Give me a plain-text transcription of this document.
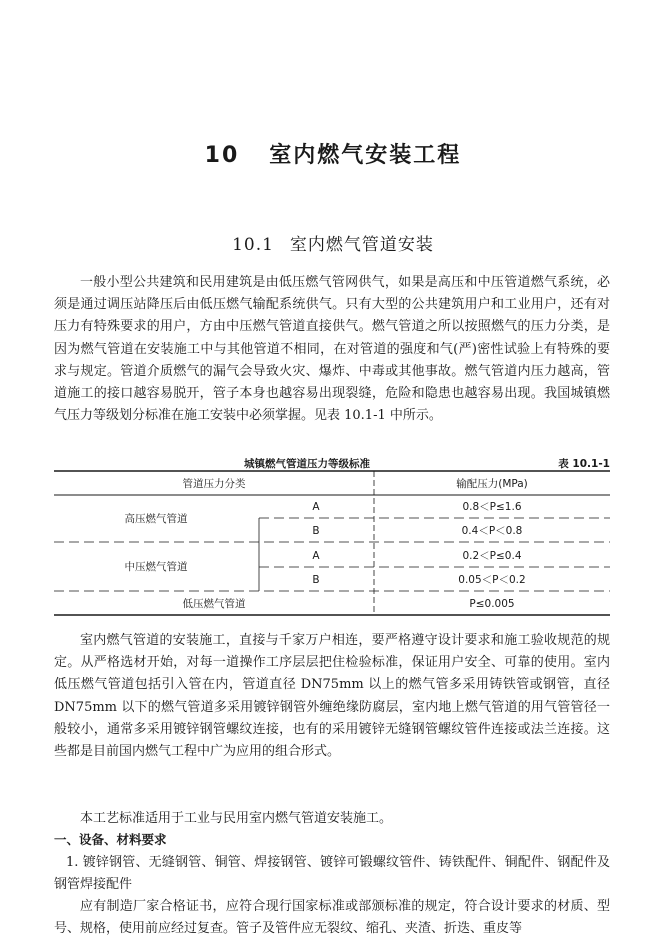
10 室内燃气安装工程
10.1 室内燃气管道安装

一般小型公共建筑和民用建筑是由低压燃气管网供气，如果是高压和中压管道燃气系统，必须是通过调压站降压后由低压燃气输配系统供气。只有大型的公共建筑用户和工业用户，还有对压力有特殊要求的用户，方由中压燃气管道直接供气。燃气管道之所以按照燃气的压力分类，是因为燃气管道在安装施工中与其他管道不相同，在对管道的强度和气(严)密性试验上有特殊的要求与规定。管道介质燃气的漏气会导致火灾、爆炸、中毒或其他事故。燃气管道内压力越高，管道施工的接口越容易脱开，管子本身也越容易出现裂缝，危险和隐患也越容易出现。我国城镇燃气压力等级划分标准在施工安装中必须掌握。见表 10.1-1 中所示。

城镇燃气管道压力等级标准	表 10.1-1
管道压力分类	输配压力(MPa)
高压燃气管道
中压燃气管道
低压燃气管道
A
B
A
B
0.8＜P≤1.6
0.4＜P＜0.8
0.2＜P≤0.4
0.05＜P＜0.2
P≤0.005

室内燃气管道的安装施工，直接与千家万户相连，要严格遵守设计要求和施工验收规范的规定。从严格选材开始，对每一道操作工序层层把住检验标准，保证用户安全、可靠的使用。室内低压燃气管道包括引入管在内，管道直径 DN75mm 以上的燃气管多采用铸铁管或钢管，直径 DN75mm 以下的燃气管道多采用镀锌钢管外缠绝缘防腐层，室内地上燃气管道的用气管管径一般较小，通常多采用镀锌钢管螺纹连接，也有的采用镀锌无缝钢管螺纹管件连接或法兰连接。这些都是目前国内燃气工程中广为应用的组合形式。

本工艺标准适用于工业与民用室内燃气管道安装施工。

一、设备、材料要求

1. 镀锌钢管、无缝钢管、铜管、焊接钢管、镀锌可锻螺纹管件、铸铁配件、铜配件、钢配件及钢管焊接配件

应有制造厂家合格证书，应符合现行国家标准或部颁标准的规定，符合设计要求的材质、型号、规格，使用前应经过复查。管子及管件应无裂纹、缩孔、夹渣、折迭、重皮等
